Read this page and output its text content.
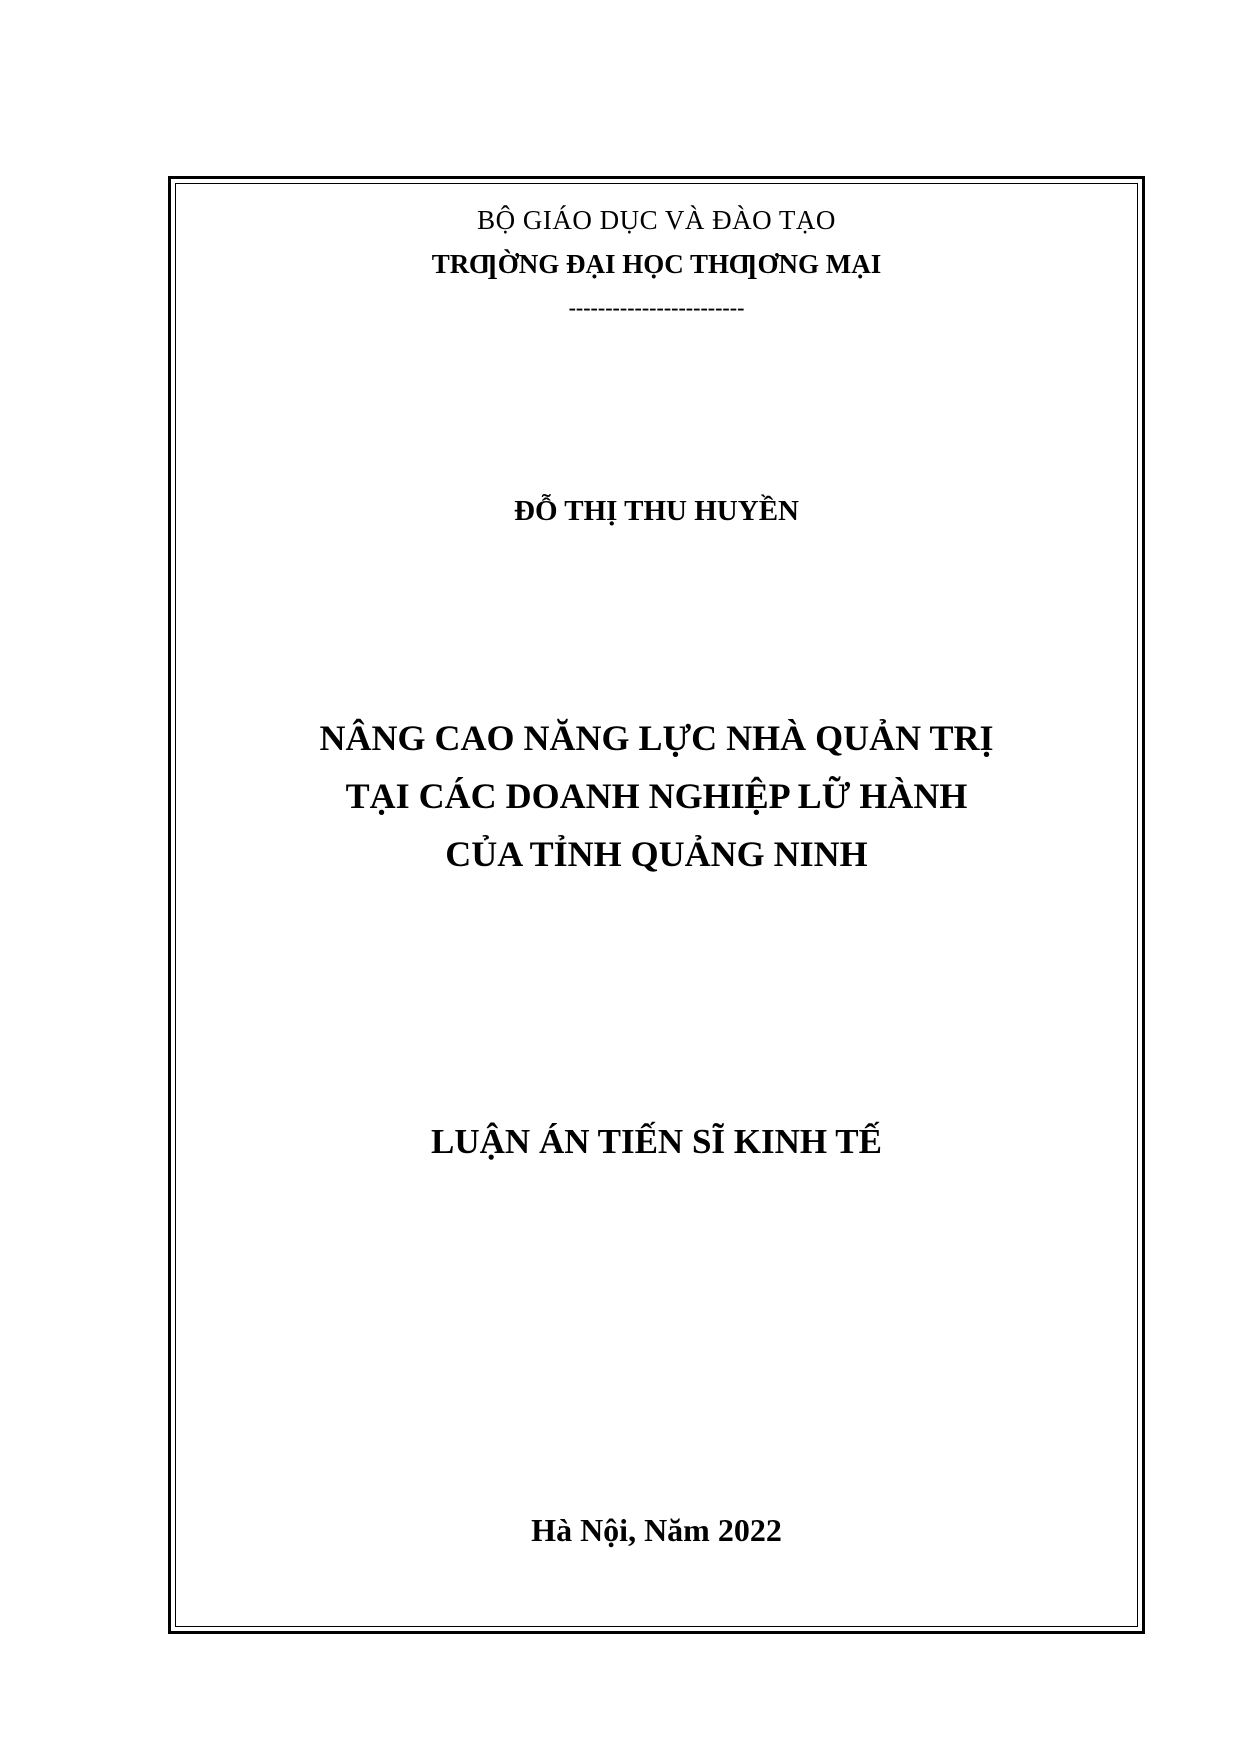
BỘ GIÁO DỤC VÀ ĐÀO TẠO
TRƢỜNG ĐẠI HỌC THƢƠNG MẠI
------------------------
ĐỖ THỊ THU HUYỀN
NÂNG CAO NĂNG LỰC NHÀ QUẢN TRỊ
TẠI CÁC DOANH NGHIỆP LỮ HÀNH
CỦA TỈNH QUẢNG NINH
LUẬN ÁN TIẾN SĨ KINH TẾ
Hà Nội, Năm 2022
